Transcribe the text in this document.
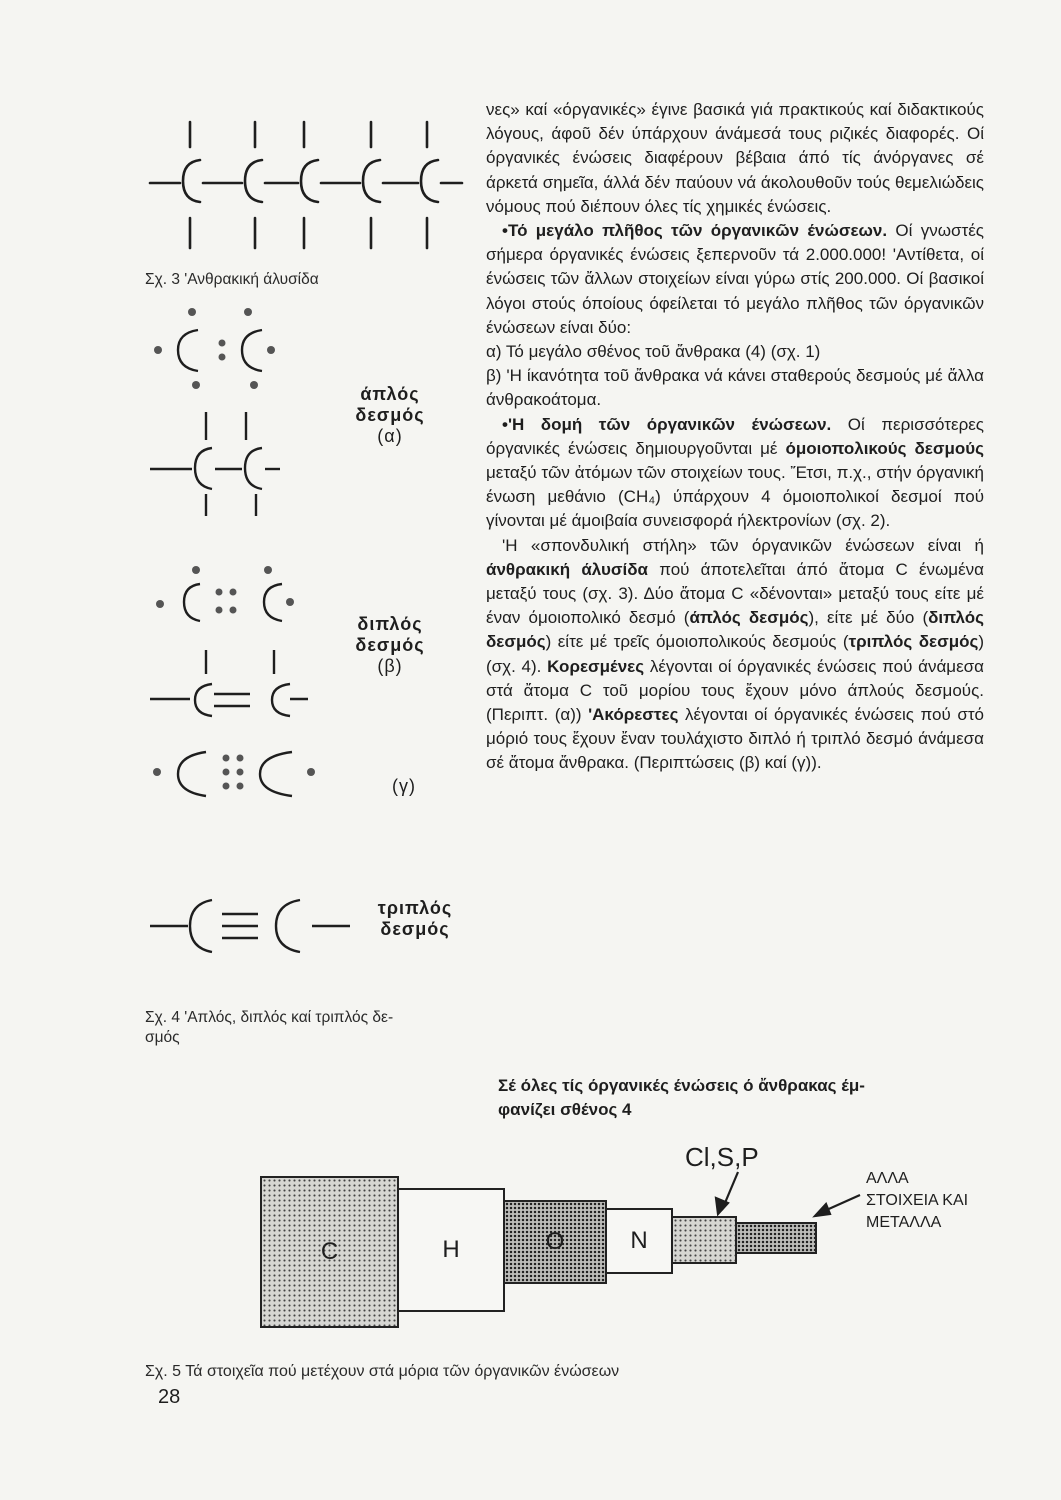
Σχ. 3 'Ανθρακική άλυσίδα
άπλός
δεσμός
(α)
διπλός
δεσμός
(β)
(γ)
τριπλός
δεσμός
Σχ. 4 'Απλός, διπλός καί τριπλός δε-
σμός

νες» καί «όργανικές» έγινε βασικά γιά πρακτικούς καί διδακτικούς λόγους, άφοῦ δέν ύπάρχουν άνάμεσά τους ριζικές διαφορές. Οί όργανικές ένώσεις διαφέρουν βέβαια άπό τίς άνόργανες σέ άρκετά σημεῖα, άλλά δέν παύουν νά άκολουθοῦν τούς θεμελιώδεις νόμους πού διέπουν όλες τίς χημικές ένώσεις.

•Τό μεγάλο πλῆθος τῶν όργανικῶν ένώσεων. Οί γνωστές σήμερα όργανικές ένώσεις ξεπερνοῦν τά 2.000.000! 'Αντίθετα, οί ένώσεις τῶν ἄλλων στοιχείων είναι γύρω στίς 200.000. Οί βασικοί λόγοι στούς όποίους όφείλεται τό μεγάλο πλῆθος τῶν όργανικῶν ένώσεων είναι δύο:

α) Τό μεγάλο σθένος τοῦ ἄνθρακα (4) (σχ. 1)

β) 'Η ίκανότητα τοῦ ἄνθρακα νά κάνει σταθερούς δεσμούς μέ ἄλλα άνθρακοάτομα.

•'Η δομή τῶν όργανικῶν ένώσεων. Οί περισσότερες όργανικές ένώσεις δημιουργοῦνται μέ όμοιοπολικούς δεσμούς μεταξύ τῶν ἀτόμων τῶν στοιχείων τους. Ἔτσι, π.χ., στήν όργανική ένωση μεθάνιο (CH₄) ύπάρχουν 4 όμοιοπολικοί δεσμοί πού γίνονται μέ άμοιβαία συνεισφορά ήλεκτρονίων (σχ. 2).

'Η «σπονδυλική στήλη» τῶν όργανικῶν ένώσεων είναι ή άνθρακική άλυσίδα πού άποτελεῖται άπό ἄτομα C ένωμένα μεταξύ τους (σχ. 3). Δύο ἄτομα C «δένονται» μεταξύ τους είτε μέ έναν όμοιοπολικό δεσμό (άπλός δεσμός), είτε μέ δύο (διπλός δεσμός) είτε μέ τρεῖς όμοιοπολικούς δεσμούς (τριπλός δεσμός) (σχ. 4). Κορεσμένες λέγονται οί όργανικές ένώσεις πού άνάμεσα στά ἄτομα C τοῦ μορίου τους ἔχουν μόνο άπλούς δεσμούς. (Περιπτ. (α)) 'Ακόρεστες λέγονται οί όργανικές ένώσεις πού στό μόριό τους ἔχουν ἔναν τουλάχιστο διπλό ή τριπλό δεσμό άνάμεσα σέ ἄτομα ἄνθρακα. (Περιπτώσεις (β) καί (γ)).

Σέ όλες τίς όργανικές ένώσεις ό ἄνθρακας έμ-
φανίζει σθένος 4
C	H	O	N
Cl,S,P
ΑΛΛΑ
ΣΤΟΙΧΕΙΑ ΚΑΙ
ΜΕΤΑΛΛΑ
Σχ. 5 Τά στοιχεῖα πού μετέχουν στά μόρια τῶν όργανικῶν ένώσεων
28
